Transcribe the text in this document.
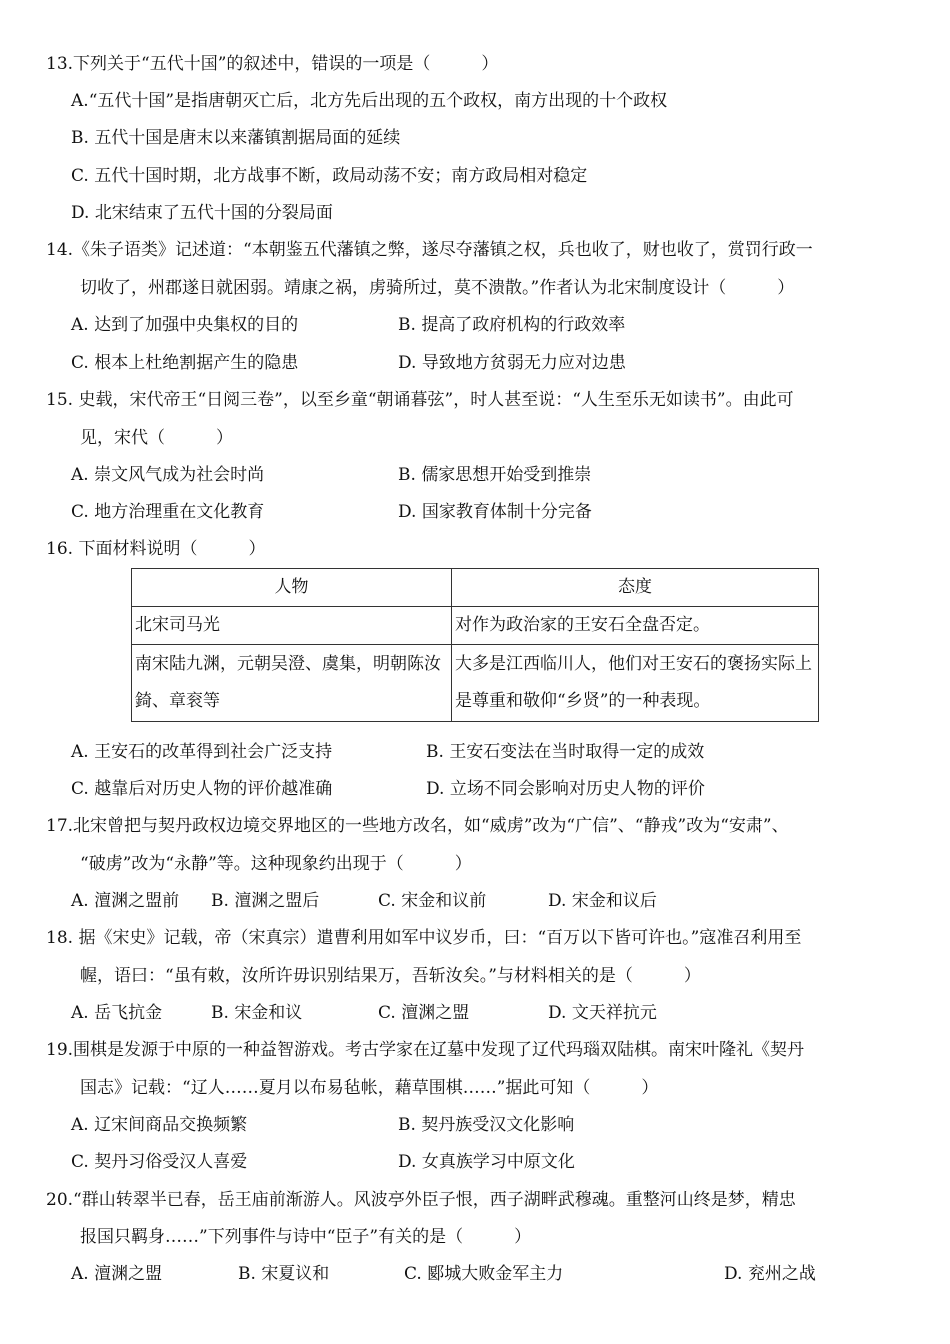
13.下列关于“五代十国”的叙述中，错误的一项是（　　　）
A.“五代十国”是指唐朝灭亡后，北方先后出现的五个政权，南方出现的十个政权
B. 五代十国是唐末以来藩镇割据局面的延续
C. 五代十国时期，北方战事不断，政局动荡不安；南方政局相对稳定
D. 北宋结束了五代十国的分裂局面
14.《朱子语类》记述道：“本朝鉴五代藩镇之弊，遂尽夺藩镇之权，兵也收了，财也收了，赏罚行政一
切收了，州郡遂日就困弱。靖康之祸，虏骑所过，莫不溃散。”作者认为北宋制度设计（　　　）
A. 达到了加强中央集权的目的	B. 提高了政府机构的行政效率
C. 根本上杜绝割据产生的隐患	D. 导致地方贫弱无力应对边患
15. 史载，宋代帝王“日阅三卷”，以至乡童“朝诵暮弦”，时人甚至说：“人生至乐无如读书”。由此可
见，宋代（　　　）
A. 崇文风气成为社会时尚	B. 儒家思想开始受到推崇
C. 地方治理重在文化教育	D. 国家教育体制十分完备
16. 下面材料说明（　　　）
人物	态度
北宋司马光	对作为政治家的王安石全盘否定。
南宋陆九渊，元朝吴澄、虞集，明朝陈汝錡、章衮等	大多是江西临川人，他们对王安石的褒扬实际上是尊重和敬仰“乡贤”的一种表现。
A. 王安石的改革得到社会广泛支持	B. 王安石变法在当时取得一定的成效
C. 越靠后对历史人物的评价越准确	D. 立场不同会影响对历史人物的评价
17.北宋曾把与契丹政权边境交界地区的一些地方改名，如“威虏”改为“广信”、“静戎”改为“安肃”、
“破虏”改为“永静”等。这种现象约出现于（　　　）
A. 澶渊之盟前 B. 澶渊之盟后	C. 宋金和议前	D. 宋金和议后
18. 据《宋史》记载，帝（宋真宗）遣曹利用如军中议岁币，曰：“百万以下皆可许也。”寇准召利用至
幄，语曰：“虽有敕，汝所许毋识别结果万，吾斩汝矣。”与材料相关的是（　　　）
A. 岳飞抗金	B. 宋金和议	C. 澶渊之盟	D. 文天祥抗元
19.围棋是发源于中原的一种益智游戏。考古学家在辽墓中发现了辽代玛瑙双陆棋。南宋叶隆礼《契丹
国志》记载：“辽人……夏月以布易毡帐，藉草围棋……”据此可知（　　　）
A. 辽宋间商品交换频繁	B. 契丹族受汉文化影响
C. 契丹习俗受汉人喜爱	D. 女真族学习中原文化
20.“群山转翠半已春，岳王庙前渐游人。风波亭外臣子恨，西子湖畔武穆魂。重整河山终是梦，精忠
报国只羁身……”下列事件与诗中“臣子”有关的是（　　　）
A. 澶渊之盟	B. 宋夏议和	C. 郾城大败金军主力	D. 兖州之战
